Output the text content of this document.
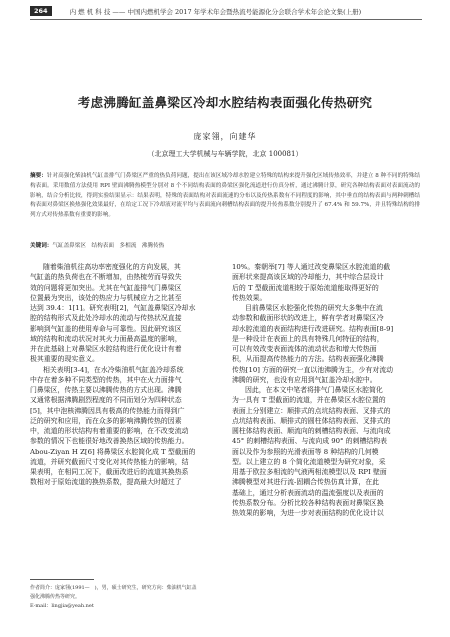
264	内 燃 机 科 技 —— 中国内燃机学会 2017 年学术年会暨热流号能源化分会联合学术年会论文集(上册)
考虑沸腾缸盖鼻梁区冷却水腔结构表面强化传热研究
庞家翎，向建华
（北京理工大学机械与车辆学院，北京 100081）
摘要：针对高强化柴油机气缸盖排气门鼻梁区严重的热负荷问题，提出在该区域冷却水腔建立特殊的结构来提升强化区域传热效率，并建立 8 种不同的特殊结构表面。采用数值方法使用 RPI 壁面沸腾热模型分别对 8 个不同结构表面的鼻梁区强化流道进行仿真分析，通过沸腾计算，研究各种结构表面对表面流动的影响，结合分析比较，得到实验结果显示：结果表明，特殊的表面结构对表面流速的分布以及传热系数有不同程度的影响，其中垂直的结构表面与两种刺槽结构表面对鼻梁区换热强化效果最好，在给定工况下冷却液对流平均与表面流向刺槽结构表面的提升传热系数分别提升了 67.4% 和 59.7%，并且特殊结构的排列方式对传热系数有重要的影响。
关键词：气缸盖鼻梁区　结构表面　多相流　沸腾传热
随着柴油机往高功率密度强化的方向发展，其
气缸盖的热负荷也在不断增加，由热梳劳而导致失
效的问题将更加突出。尤其在气缸盖排气门鼻梁区
位置最为突出，该处的热应力与机械应力之比甚至
达到 39.4：1[1]。研究表明[2]，气缸盖鼻梁区冷却水
腔的结构形式及此处冷却水的流动与传热状况直接
影响到气缸盖的使用寿命与可靠性。因此研究该区
域的结构和流动状况对其火力面最高温度的影响，
并在此基础上对鼻梁区水腔结构进行优化设计有着
极其重要的现实意义。
相关表明[3-4]，在水冷柴油机气缸盖冷却系统
中存在着多种不同类型的传热，其中在火力面排气
门鼻梁区，传热主要以沸腾传热的方式出现。沸腾
又通常根据沸腾剧烈程度的不同而划分为四种状态
[5]，其中泡核沸腾因具有极高的传热能力而得到广
泛的研究和应用，而在众多的影响沸腾传热的因素
中，流道的形状结构有着重要的影响，在不改变流动
参数的情况下也能很好地改善换热区域的传热能力。
Abou-Ziyan H Z[6] 将鼻梁区水腔简化成 T 型截面的
流道，并研究截面尺寸变化对其传热能力的影响，结
果表明，在相同工况下，截面改进后的流道其换热系
数相对于原始流道的换热系数，提高最大时超过了
10%。秦朝举[7] 等人通过改变鼻梁区水腔流道的截
面形状来提高该区域的冷却能力，其中综合层设计
后的 T 型截面流道相较于原始流道能取得更好的
传热效果。
目前鼻梁区水腔强化传热的研究大多集中在流
动参数和截面形状的改进上，鲜有学者对鼻梁区冷
却水腔流道的表面结构进行改进研究。结构表面[8-9]
是一种设计在表面上的具有特殊几何特征的结构，
可以有效改变表面流体的流动状态和增大传热面
积，从而提高传热能力的方法。结构表面强化沸腾
传热[10] 方面的研究一直以池沸腾为主，少有对流动
沸腾的研究，也没有应用到气缸盖冷却水腔中。
因此，在本文中笔者将排气门鼻梁区水腔简化
为一具有 T 型截面的流道，并在鼻梁区水腔位置的
表面上分别建立：顺排式的点坑结构表面、叉排式的
点坑结构表面、顺排式的圆柱体结构表面、叉排式的
圆柱体结构表面、顺流向的刺槽结构表面、与流向成
45° 的刺槽结构表面、与流向成 90° 的刺槽结构表
面以及作为参照的光滑表面等 8 种结构的几何模
型。以上建立的 8 个简化流道模型为研究对象，采
用基于欧拉多相流的气液两相流模型以及 RPI 壁面
沸腾模型对其进行流-固耦合传热仿真计算，在此
基础上，通过分析表面流动的温流强度以及表面的
传热系数分布。分析比较各种结构表面对鼻梁区换
热效果的影响，为进一步对表面结构的优化设计以
作者简介：庞家翎(1991—　)，男，硕士研究生，研究方向：柴油机气缸盖
强化沸腾传热等研究。
E-mail：lingjia@yeah.net
